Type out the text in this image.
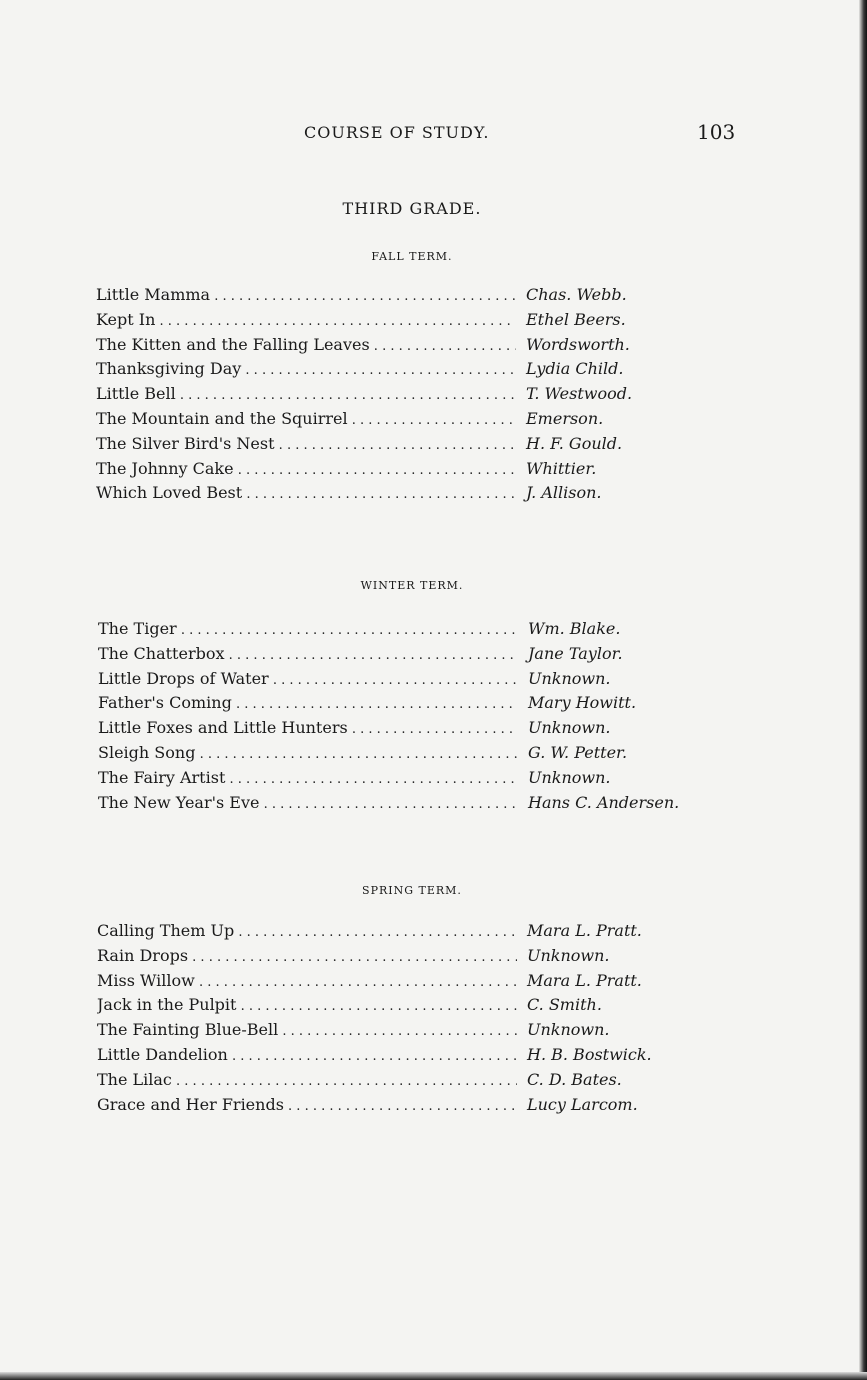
COURSE OF STUDY.	103
THIRD GRADE.
FALL TERM.
Little Mamma . . .	Chas. Webb.
Kept In . . .	Ethel Beers.
The Kitten and the Falling Leaves . . .	Wordsworth.
Thanksgiving Day . . .	Lydia Child.
Little Bell . . .	T. Westwood.
The Mountain and the Squirrel . . .	Emerson.
The Silver Bird's Nest . . .	H. F. Gould.
The Johnny Cake . . .	Whittier.
Which Loved Best . . .	J. Allison.
WINTER TERM.
The Tiger . . .	Wm. Blake.
The Chatterbox . . .	Jane Taylor.
Little Drops of Water . . .	Unknown.
Father's Coming . . .	Mary Howitt.
Little Foxes and Little Hunters . . .	Unknown.
Sleigh Song . . .	G. W. Petter.
The Fairy Artist . . .	Unknown.
The New Year's Eve . . .	Hans C. Andersen.
SPRING TERM.
Calling Them Up . . .	Mara L. Pratt.
Rain Drops . . .	Unknown.
Miss Willow . . .	Mara L. Pratt.
Jack in the Pulpit . . .	C. Smith.
The Fainting Blue-Bell . . .	Unknown.
Little Dandelion . . .	H. B. Bostwick.
The Lilac . . .	C. D. Bates.
Grace and Her Friends . . .	Lucy Larcom.
